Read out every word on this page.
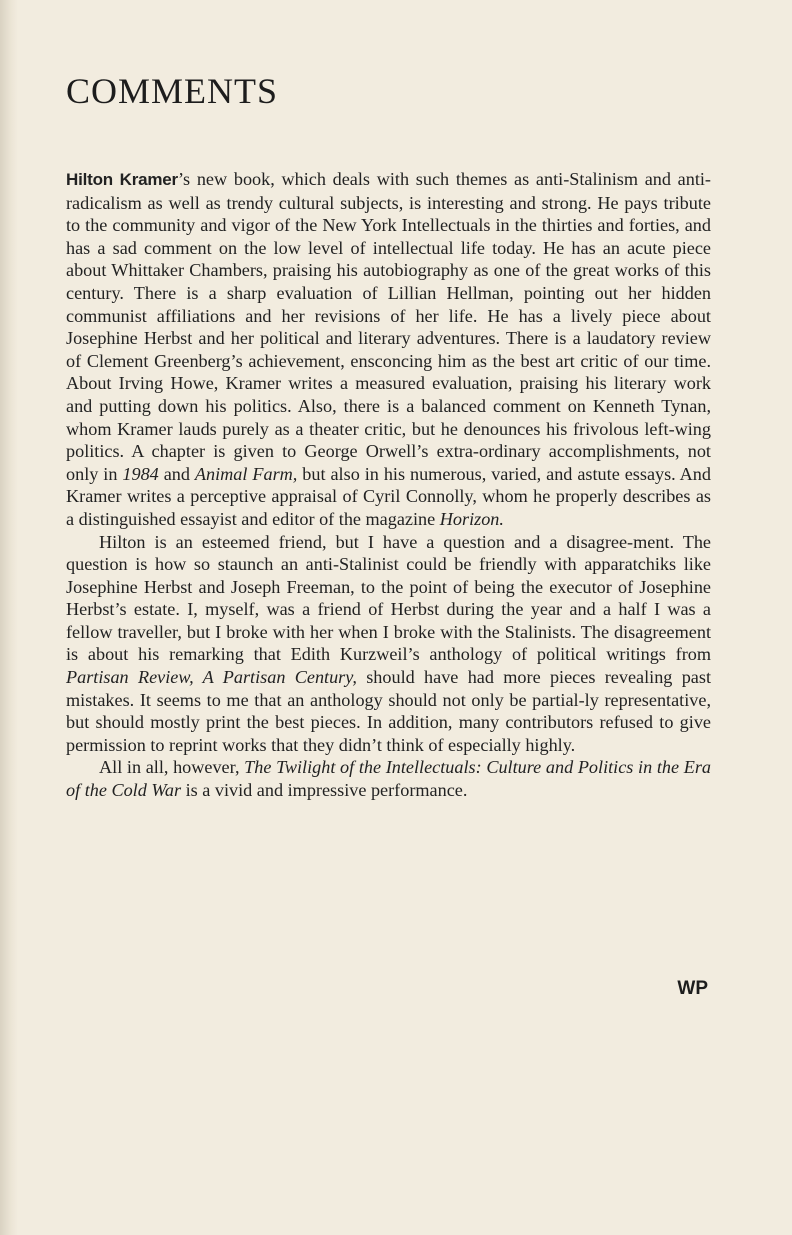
COMMENTS

Hilton Kramer’s new book, which deals with such themes as anti-Stalinism and anti-radicalism as well as trendy cultural subjects, is interesting and strong. He pays tribute to the community and vigor of the New York Intellectuals in the thirties and forties, and has a sad comment on the low level of intellectual life today. He has an acute piece about Whittaker Chambers, praising his autobiography as one of the great works of this century. There is a sharp evaluation of Lillian Hellman, pointing out her hidden communist affiliations and her revisions of her life. He has a lively piece about Josephine Herbst and her political and literary adventures. There is a laudatory review of Clement Greenberg’s achievement, ensconcing him as the best art critic of our time. About Irving Howe, Kramer writes a measured evaluation, praising his literary work and putting down his politics. Also, there is a balanced comment on Kenneth Tynan, whom Kramer lauds purely as a theater critic, but he denounces his frivolous left-wing politics. A chapter is given to George Orwell’s extra-ordinary accomplishments, not only in 1984 and Animal Farm, but also in his numerous, varied, and astute essays. And Kramer writes a perceptive appraisal of Cyril Connolly, whom he properly describes as a distinguished essayist and editor of the magazine Horizon.

Hilton is an esteemed friend, but I have a question and a disagree-ment. The question is how so staunch an anti-Stalinist could be friendly with apparatchiks like Josephine Herbst and Joseph Freeman, to the point of being the executor of Josephine Herbst’s estate. I, myself, was a friend of Herbst during the year and a half I was a fellow traveller, but I broke with her when I broke with the Stalinists. The disagreement is about his remarking that Edith Kurzweil’s anthology of political writings from Partisan Review, A Partisan Century, should have had more pieces revealing past mistakes. It seems to me that an anthology should not only be partial-ly representative, but should mostly print the best pieces. In addition, many contributors refused to give permission to reprint works that they didn’t think of especially highly.

All in all, however, The Twilight of the Intellectuals: Culture and Politics in the Era of the Cold War is a vivid and impressive performance.

WP
